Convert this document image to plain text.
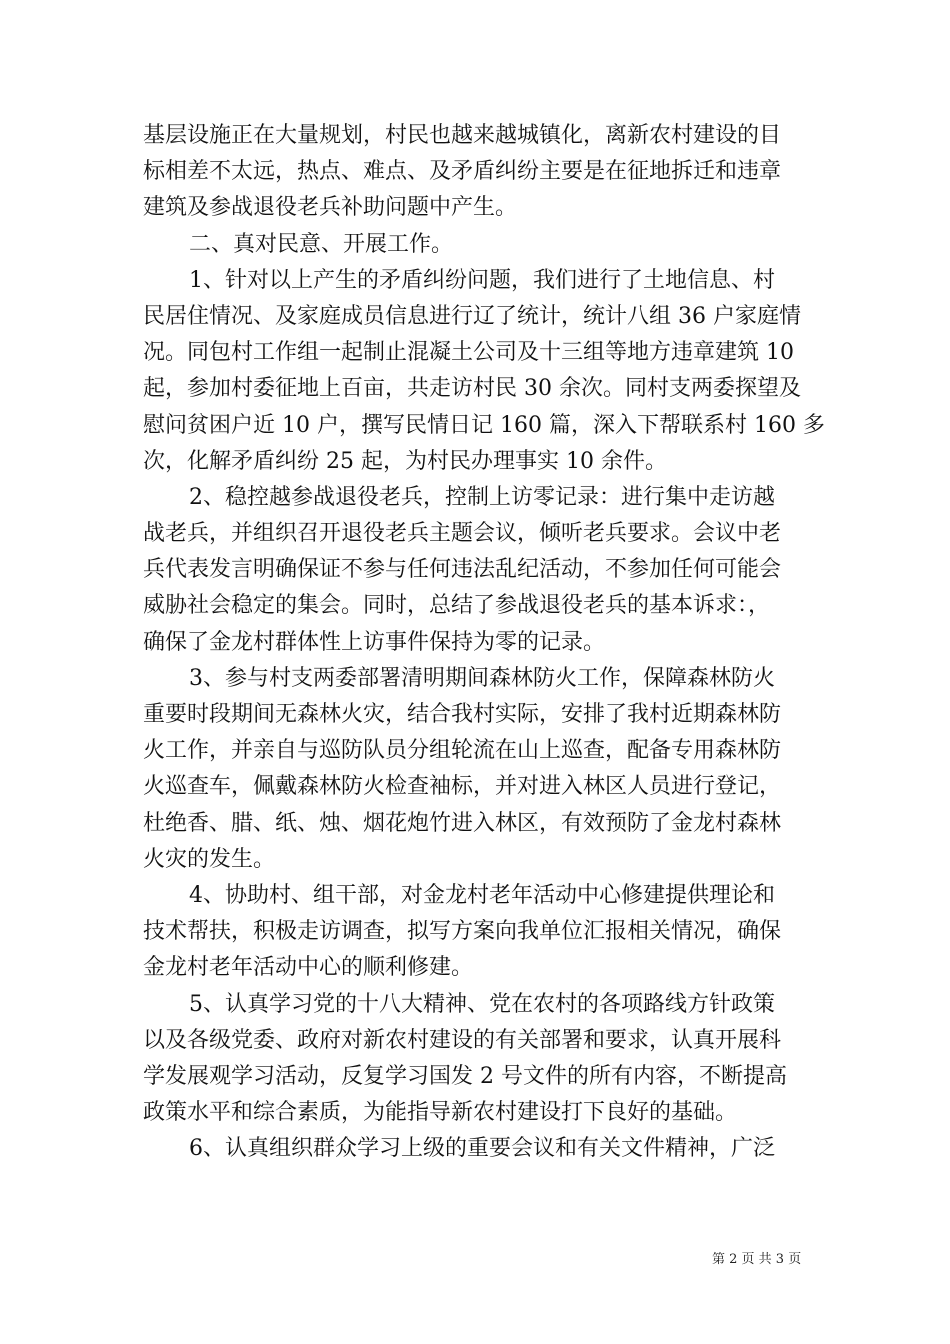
基层设施正在大量规划，村民也越来越城镇化，离新农村建设的目
标相差不太远，热点、难点、及矛盾纠纷主要是在征地拆迁和违章
建筑及参战退役老兵补助问题中产生。
二、真对民意、开展工作。
1、针对以上产生的矛盾纠纷问题，我们进行了土地信息、村
民居住情况、及家庭成员信息进行辽了统计，统计八组 36 户家庭情
况。同包村工作组一起制止混凝土公司及十三组等地方违章建筑 10
起，参加村委征地上百亩，共走访村民 30 余次。同村支两委探望及
慰问贫困户近 10 户，撰写民情日记 160 篇，深入下帮联系村 160 多
次，化解矛盾纠纷 25 起，为村民办理事实 10 余件。
2、稳控越参战退役老兵，控制上访零记录：进行集中走访越
战老兵，并组织召开退役老兵主题会议，倾听老兵要求。会议中老
兵代表发言明确保证不参与任何违法乱纪活动，不参加任何可能会
威胁社会稳定的集会。同时，总结了参战退役老兵的基本诉求：，
确保了金龙村群体性上访事件保持为零的记录。
3、参与村支两委部署清明期间森林防火工作，保障森林防火
重要时段期间无森林火灾，结合我村实际，安排了我村近期森林防
火工作，并亲自与巡防队员分组轮流在山上巡查，配备专用森林防
火巡查车，佩戴森林防火检查袖标，并对进入林区人员进行登记，
杜绝香、腊、纸、烛、烟花炮竹进入林区，有效预防了金龙村森林
火灾的发生。
4、协助村、组干部，对金龙村老年活动中心修建提供理论和
技术帮扶，积极走访调查，拟写方案向我单位汇报相关情况，确保
金龙村老年活动中心的顺利修建。
5、认真学习党的十八大精神、党在农村的各项路线方针政策
以及各级党委、政府对新农村建设的有关部署和要求，认真开展科
学发展观学习活动，反复学习国发 2 号文件的所有内容，不断提高
政策水平和综合素质，为能指导新农村建设打下良好的基础。
6、认真组织群众学习上级的重要会议和有关文件精神，广泛
第 2 页 共 3 页
